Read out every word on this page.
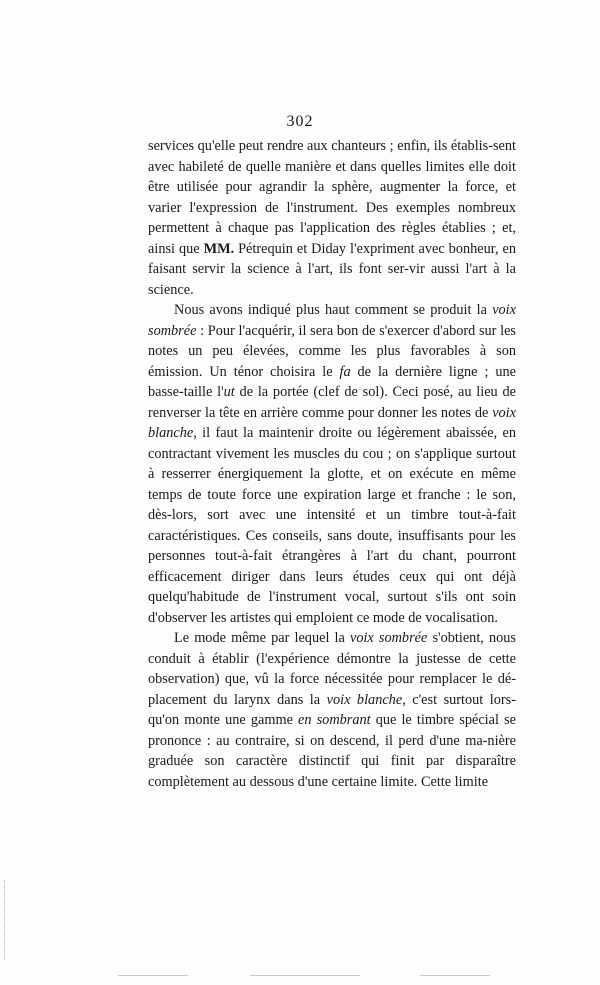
302

services qu'elle peut rendre aux chanteurs ; enfin, ils établis-sent avec habileté de quelle manière et dans quelles limites elle doit être utilisée pour agrandir la sphère, augmenter la force, et varier l'expression de l'instrument. Des exemples nombreux permettent à chaque pas l'application des règles établies ; et, ainsi que MM. Pétrequin et Diday l'expriment avec bonheur, en faisant servir la science à l'art, ils font ser-vir aussi l'art à la science.

Nous avons indiqué plus haut comment se produit la voix sombrée : Pour l'acquérir, il sera bon de s'exercer d'abord sur les notes un peu élevées, comme les plus favorables à son émission. Un ténor choisira le fa de la dernière ligne ; une basse-taille l'ut de la portée (clef de sol). Ceci posé, au lieu de renverser la tête en arrière comme pour donner les notes de voix blanche, il faut la maintenir droite ou légèrement abaissée, en contractant vivement les muscles du cou ; on s'applique surtout à resserrer énergiquement la glotte, et on exécute en même temps de toute force une expiration large et franche : le son, dès-lors, sort avec une intensité et un timbre tout-à-fait caractéristiques. Ces conseils, sans doute, insuffisants pour les personnes tout-à-fait étrangères à l'art du chant, pourront efficacement diriger dans leurs études ceux qui ont déjà quelqu'habitude de l'instrument vocal, surtout s'ils ont soin d'observer les artistes qui emploient ce mode de vocalisation.

Le mode même par lequel la voix sombrée s'obtient, nous conduit à établir (l'expérience démontre la justesse de cette observation) que, vû la force nécessitée pour remplacer le dé-placement du larynx dans la voix blanche, c'est surtout lors-qu'on monte une gamme en sombrant que le timbre spécial se prononce : au contraire, si on descend, il perd d'une ma-nière graduée son caractère distinctif qui finit par disparaître complètement au dessous d'une certaine limite. Cette limite
